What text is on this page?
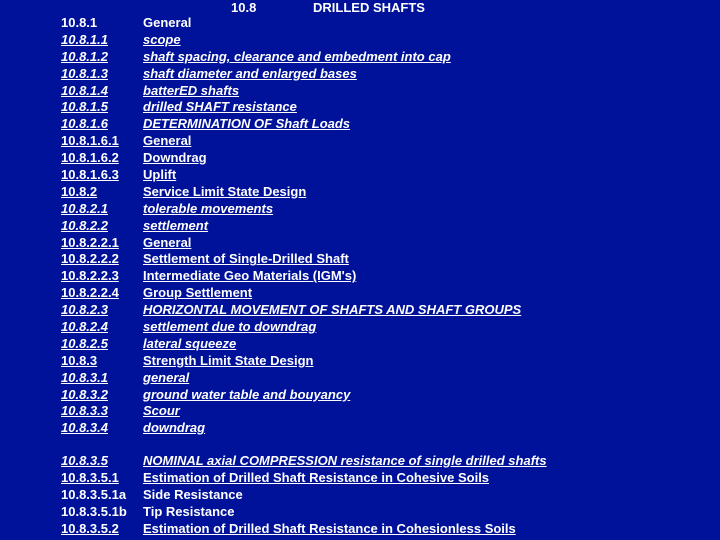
10.8	DRILLED SHAFTS
10.8.1	General
10.8.1.1	scope
10.8.1.2	shaft spacing, clearance and embedment into cap
10.8.1.3	shaft diameter and enlarged bases
10.8.1.4	batterED shafts
10.8.1.5	drilled SHAFT resistance
10.8.1.6	DETERMINATION OF Shaft Loads
10.8.1.6.1	General
10.8.1.6.2	Downdrag
10.8.1.6.3	Uplift
10.8.2	Service Limit State Design
10.8.2.1	tolerable movements
10.8.2.2	settlement
10.8.2.2.1	General
10.8.2.2.2	Settlement of Single-Drilled Shaft
10.8.2.2.3	Intermediate Geo Materials (IGM's)
10.8.2.2.4	Group Settlement
10.8.2.3	HORIZONTAL MOVEMENT OF SHAFTS AND SHAFT GROUPS
10.8.2.4	settlement due to downdrag
10.8.2.5	lateral squeeze
10.8.3	Strength Limit State Design
10.8.3.1	general
10.8.3.2	ground water table and bouyancy
10.8.3.3	Scour
10.8.3.4	downdrag
10.8.3.5	NOMINAL axial COMPRESSION resistance of single drilled shafts
10.8.3.5.1	Estimation of Drilled Shaft Resistance in Cohesive Soils
10.8.3.5.1a	Side Resistance
10.8.3.5.1b	Tip Resistance
10.8.3.5.2	Estimation of Drilled Shaft Resistance in Cohesionless Soils
